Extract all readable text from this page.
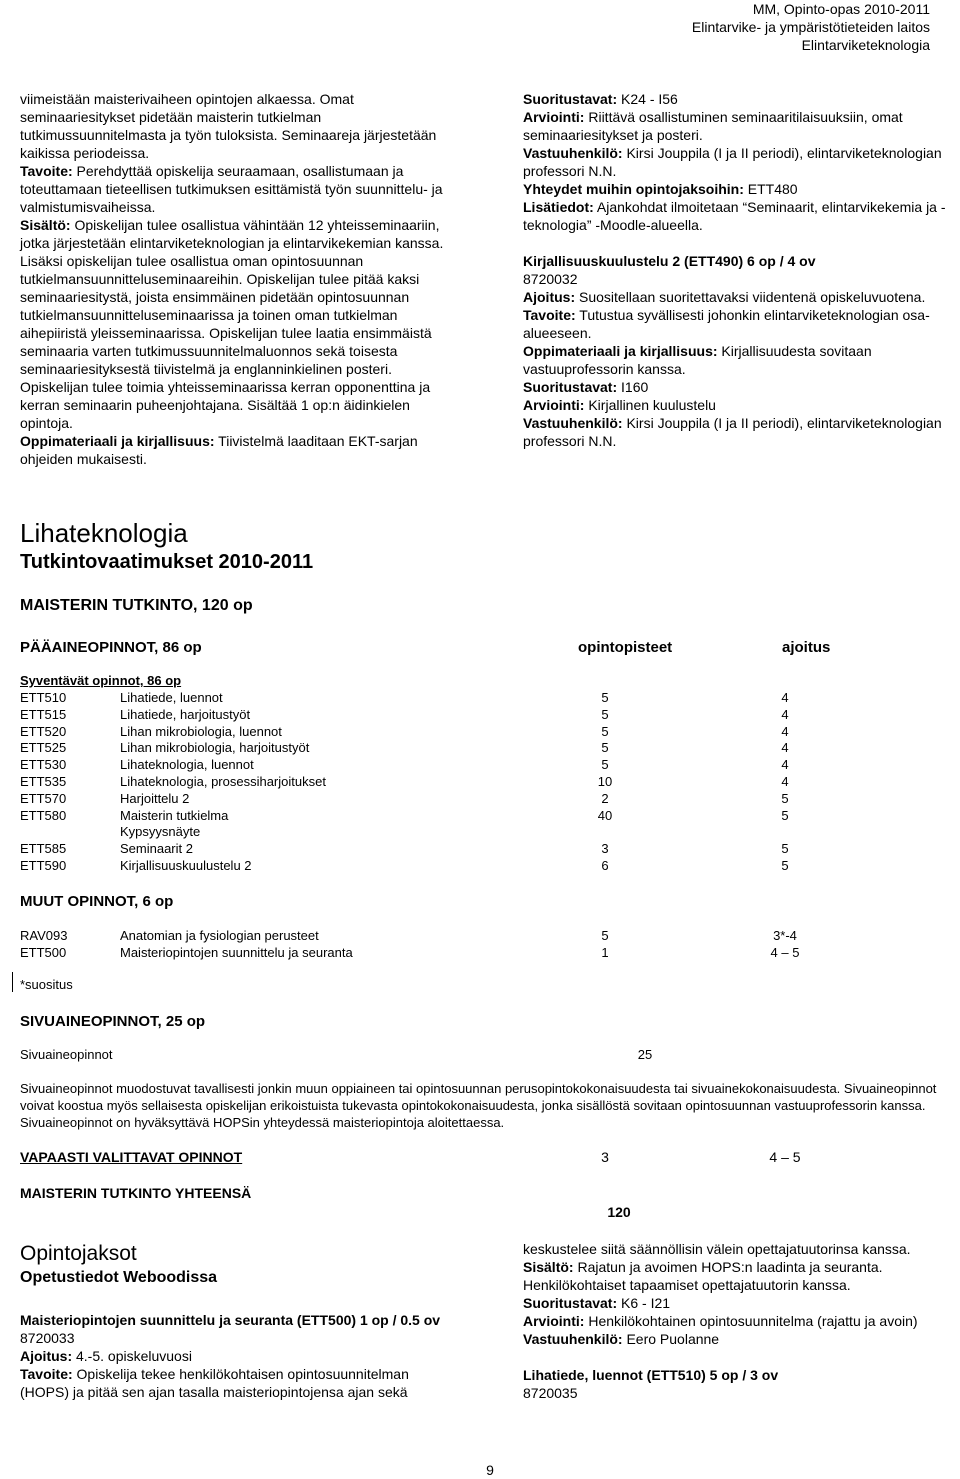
MM, Opinto-opas 2010-2011
Elintarvike- ja ympäristötieteiden laitos
Elintarviketeknologia

viimeistään maisterivaiheen opintojen alkaessa. Omat seminaariesitykset pidetään maisterin tutkielman tutkimussuunnitelmasta ja työn tuloksista. Seminaareja järjestetään kaikissa periodeissa.

Tavoite: Perehdyttää opiskelija seuraamaan, osallistumaan ja toteuttamaan tieteellisen tutkimuksen esittämistä työn suunnittelu- ja valmistumisvaiheissa.

Sisältö: Opiskelijan tulee osallistua vähintään 12 yhteisseminaariin, jotka järjestetään elintarviketeknologian ja elintarvikekemian kanssa. Lisäksi opiskelijan tulee osallistua oman opintosuunnan tutkielmansuunnitteluseminaareihin. Opiskelijan tulee pitää kaksi seminaariesitystä, joista ensimmäinen pidetään opintosuunnan tutkielmansuunnitteluseminaarissa ja toinen oman tutkielman aihepiiristä yleisseminaarissa. Opiskelijan tulee laatia ensimmäistä seminaaria varten tutkimussuunnitelmaluonnos sekä toisesta seminaariesityksestä tiivistelmä ja englanninkielinen posteri. Opiskelijan tulee toimia yhteisseminaarissa kerran opponenttina ja kerran seminaarin puheenjohtajana. Sisältää 1 op:n äidinkielen opintoja.

Oppimateriaali ja kirjallisuus: Tiivistelmä laaditaan EKT-sarjan ohjeiden mukaisesti.

Suoritustavat: K24 - I56

Arviointi: Riittävä osallistuminen seminaaritilaisuuksiin, omat seminaariesitykset ja posteri.

Vastuuhenkilö: Kirsi Jouppila (I ja II periodi), elintarviketeknologian professori N.N.

Yhteydet muihin opintojaksoihin: ETT480

Lisätiedot: Ajankohdat ilmoitetaan “Seminaarit, elintarvikekemia ja -teknologia” -Moodle-alueella.

Kirjallisuuskuulustelu 2 (ETT490) 6 op / 4 ov

8720032

Ajoitus: Suositellaan suoritettavaksi viidentenä opiskeluvuotena.

Tavoite: Tutustua syvällisesti johonkin elintarviketeknologian osa-alueeseen.

Oppimateriaali ja kirjallisuus: Kirjallisuudesta sovitaan vastuuprofessorin kanssa.

Suoritustavat: I160

Arviointi: Kirjallinen kuulustelu

Vastuuhenkilö: Kirsi Jouppila (I ja II periodi), elintarviketeknologian professori N.N.

Lihateknologia
Tutkintovaatimukset 2010-2011
MAISTERIN TUTKINTO, 120 op
PÄÄAINEOPINNOT, 86 op	opintopisteet	ajoitus
Syventävät opinnot, 86 op
ETT510	Lihatiede, luennot	5	4
ETT515	Lihatiede, harjoitustyöt	5	4
ETT520	Lihan mikrobiologia, luennot	5	4
ETT525	Lihan mikrobiologia, harjoitustyöt	5	4
ETT530	Lihateknologia, luennot	5	4
ETT535	Lihateknologia, prosessiharjoitukset	10	4
ETT570	Harjoittelu 2	2	5
ETT580	Maisterin tutkielma	40	5
Kypsyysnäyte
ETT585	Seminaarit 2	3	5
ETT590	Kirjallisuuskuulustelu 2	6	5
MUUT OPINNOT, 6 op
RAV093	Anatomian ja fysiologian perusteet	5	3*-4
ETT500	Maisteriopintojen suunnittelu ja seuranta	1	4 – 5
*suositus
SIVUAINEOPINNOT, 25 op
Sivuaineopinnot	25

Sivuaineopinnot muodostuvat tavallisesti jonkin muun oppiaineen tai opintosuunnan perusopintokokonaisuudesta tai sivuainekokonaisuudesta. Sivuaineopinnot voivat koostua myös sellaisesta opiskelijan erikoistuista tukevasta opintokokonaisuudesta, jonka sisällöstä sovitaan opintosuunnan vastuuprofessorin kanssa. Sivuaineopinnot on hyväksyttävä HOPSin yhteydessä maisteriopintoja aloitettaessa.

VAPAASTI VALITTAVAT OPINNOT	3	4 – 5
MAISTERIN TUTKINTO YHTEENSÄ
120
Opintojaksot
Opetustiedot Weboodissa

Maisteriopintojen suunnittelu ja seuranta (ETT500) 1 op / 0.5 ov

8720033

Ajoitus: 4.-5. opiskeluvuosi

Tavoite: Opiskelija tekee henkilökohtaisen opintosuunnitelman (HOPS) ja pitää sen ajan tasalla maisteriopintojensa ajan sekä

keskustelee siitä säännöllisin välein opettajatuutorinsa kanssa.

Sisältö: Rajatun ja avoimen HOPS:n laadinta ja seuranta. Henkilökohtaiset tapaamiset opettajatuutorin kanssa.

Suoritustavat: K6 - I21

Arviointi: Henkilökohtainen opintosuunnitelma (rajattu ja avoin)

Vastuuhenkilö: Eero Puolanne

Lihatiede, luennot (ETT510) 5 op / 3 ov

8720035

9
